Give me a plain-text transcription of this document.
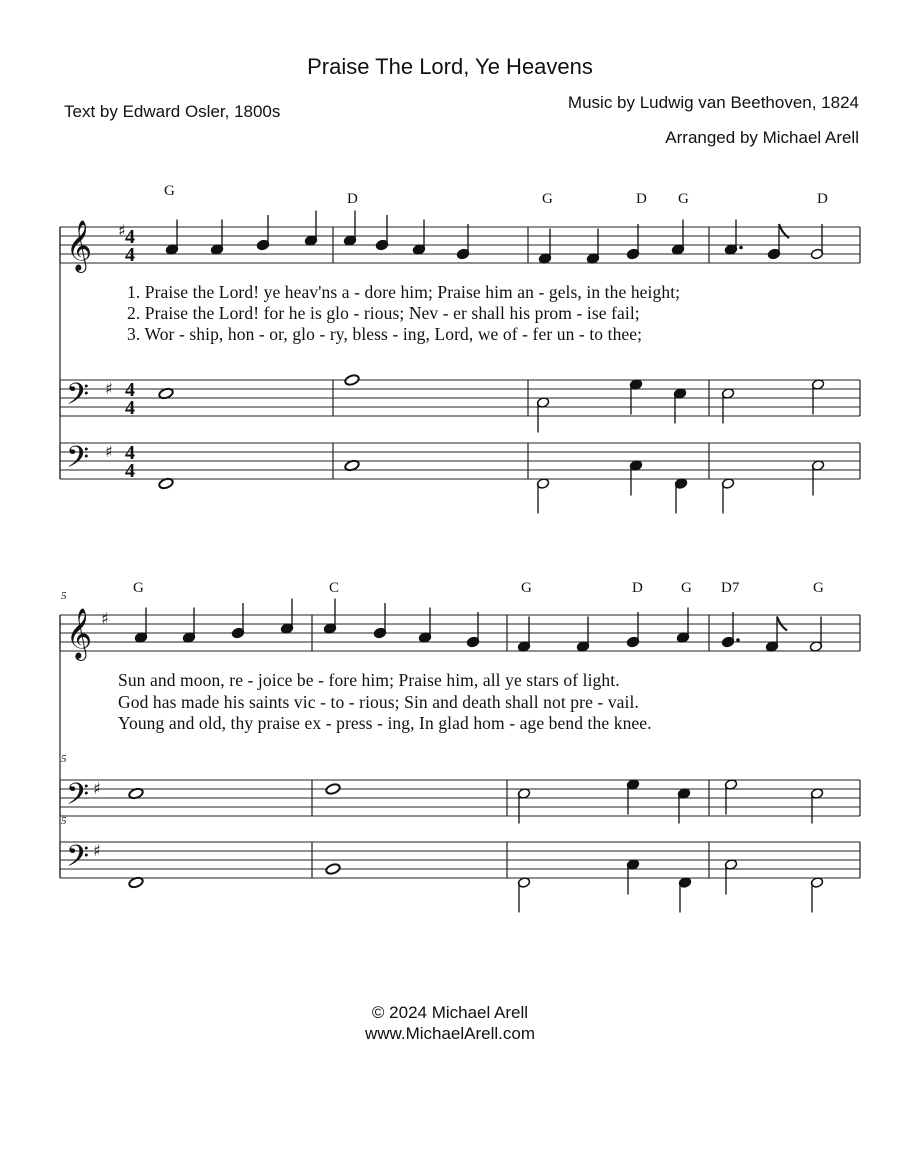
Praise The Lord, Ye Heavens
Text by Edward Osler, 1800s	Music by Ludwig van Beethoven, 1824
Arranged by Michael Arell
G	D	G	D G	D
1. Praise the Lord! ye heav'ns a - dore him; Praise him an - gels, in the height;
2. Praise the Lord! for he is glo - rious; Nev - er shall his prom - ise fail;
3. Wor - ship, hon - or, glo - ry, bless - ing, Lord, we of - fer un - to thee;
5
5
5
G	C	G	D	G D7	G
Sun and moon, re - joice be - fore him; Praise him, all ye stars of light.
God has made his saints vic - to - rious; Sin and death shall not pre - vail.
Young and old, thy praise ex - press - ing, In glad hom - age bend the knee.
© 2024 Michael Arell
www.MichaelArell.com
𝄞 ♯ 4
4
𝄢 ♯ 4
4
𝄢 ♯ 4
4
𝄞 ♯
𝄢 ♯
𝄢 ♯
